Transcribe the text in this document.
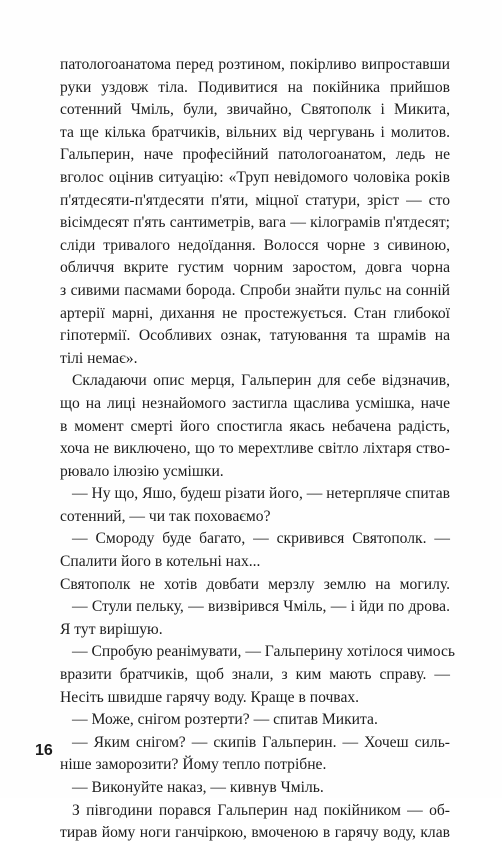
патологоанатома перед розтином, покірливо випроставши
руки уздовж тіла. Подивитися на покійника прийшов
сотенний Чміль, були, звичайно, Святополк і Микита,
та ще кілька братчиків, вільних від чергувань і молитов.
Гальперин, наче професійний патологоанатом, ледь не
вголос оцінив ситуацію: «Труп невідомого чоловіка років
п'ятдесяти-п'ятдесяти п'яти, міцної статури, зріст — сто
вісімдесят п'ять сантиметрів, вага — кілограмів п'ятдесят;
сліди тривалого недоїдання. Волосся чорне з сивиною,
обличчя вкрите густим чорним заростом, довга чорна
з сивими пасмами борода. Спроби знайти пульс на сонній
артерії марні, дихання не простежується. Стан глибокої
гіпотермії. Особливих ознак, татуювання та шрамів на
тілі немає».
Складаючи опис мерця, Гальперин для себе відзначив,
що на лиці незнайомого застигла щаслива усмішка, наче
в момент смерті його спостигла якась небачена радість,
хоча не виключено, що то мерехтливе світло ліхтаря ство-
рювало ілюзію усмішки.
— Ну що, Яшо, будеш різати його, — нетерпляче спитав
сотенний, — чи так поховаємо?
— Смороду буде багато, — скривився Святополк. —
Спалити його в котельні нах...
Святополк не хотів довбати мерзлу землю на могилу.
— Стули пельку, — визвірився Чміль, — і йди по дрова.
Я тут вирішую.
— Спробую реанімувати, — Гальперину хотілося чимось
вразити братчиків, щоб знали, з ким мають справу. —
Несіть швидше гарячу воду. Краще в почвах.
— Може, снігом розтерти? — спитав Микита.
— Яким снігом? — скипів Гальперин. — Хочеш силь-
ніше заморозити? Йому тепло потрібне.
— Виконуйте наказ, — кивнув Чміль.
З півгодини порався Гальперин над покійником — об-
тирав йому ноги ганчіркою, вмоченою в гарячу воду, клав
16
